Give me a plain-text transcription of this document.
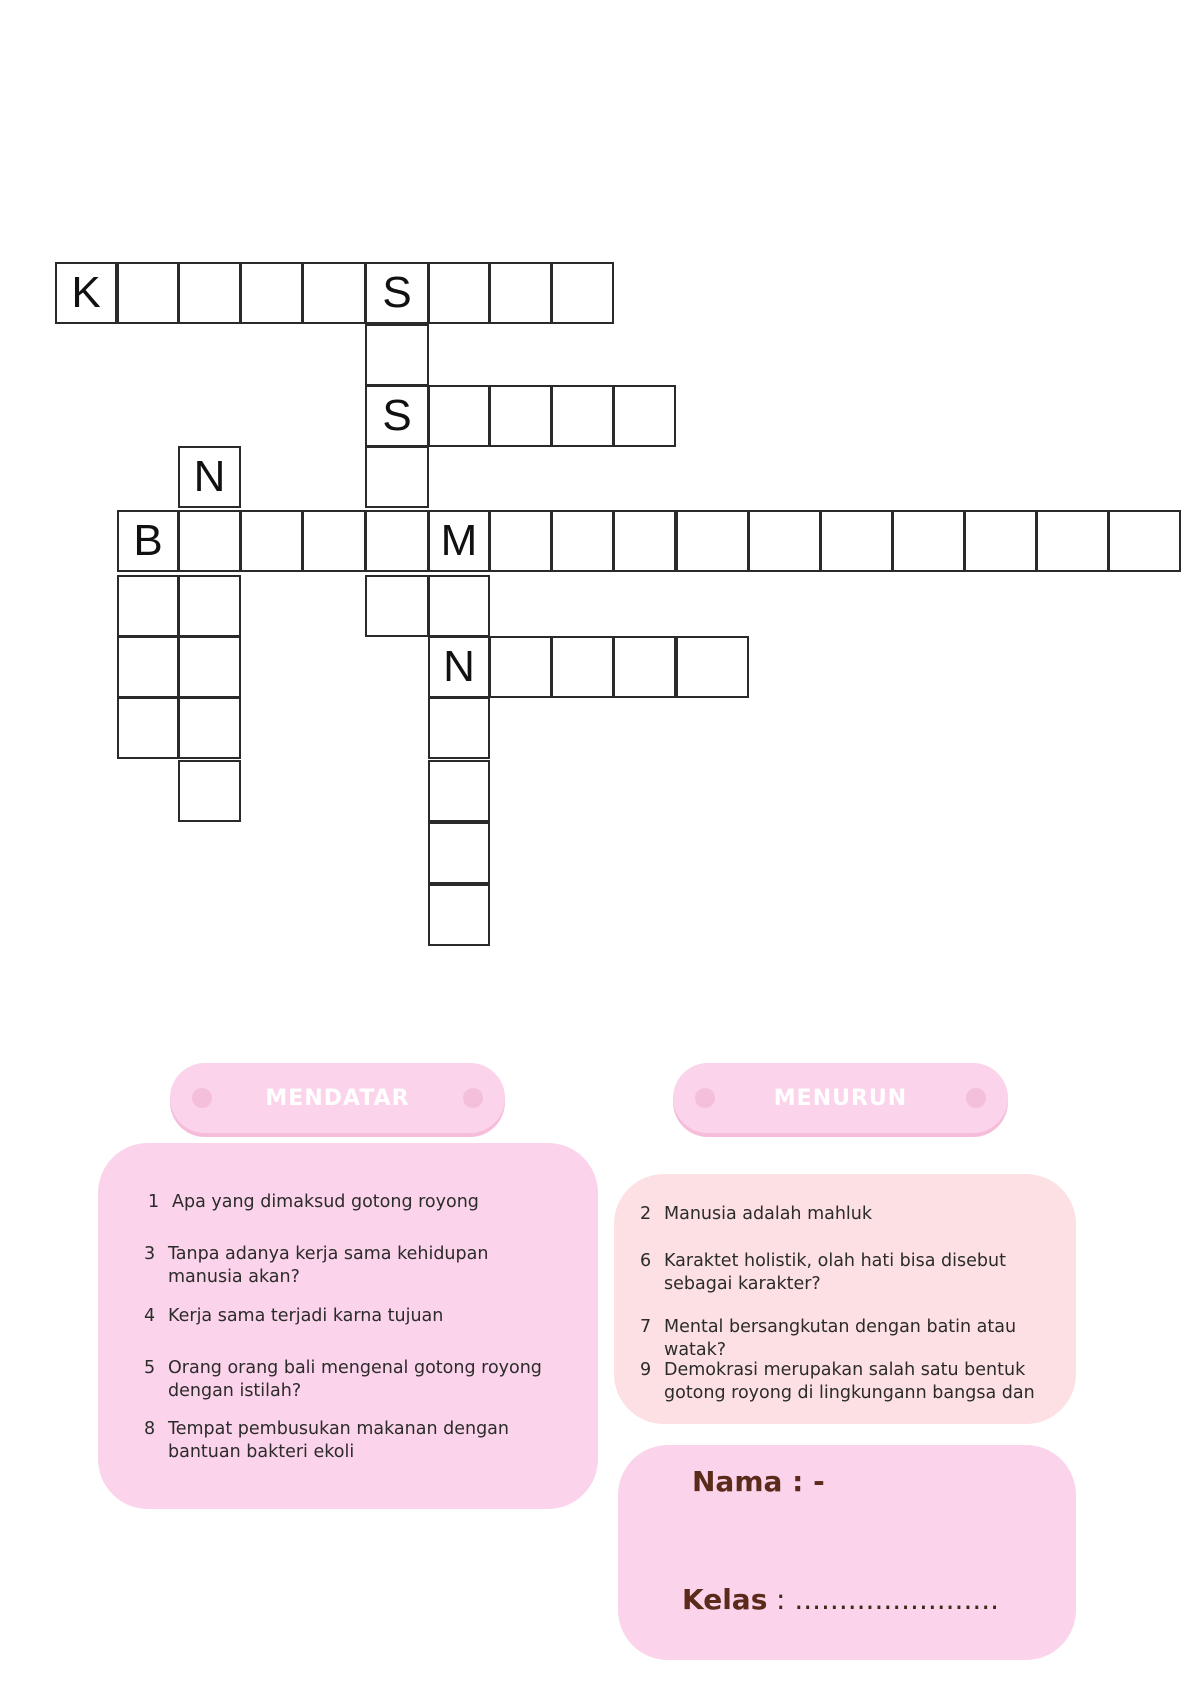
K	S
S
N
B	M
N
MENDATAR	MENURUN
1 Apa yang dimaksud gotong royong
3 Tanpa adanya kerja sama kehidupan manusia akan?
4 Kerja sama terjadi karna tujuan
5 Orang orang bali mengenal gotong royong dengan istilah?
8 Tempat pembusukan makanan dengan bantuan bakteri ekoli
2 Manusia adalah mahluk
6 Karaktet holistik, olah hati bisa disebut sebagai karakter?
7 Mental bersangkutan dengan batin atau watak?
9 Demokrasi merupakan salah satu bentuk gotong royong di lingkungann bangsa dan
Nama : -
Kelas : .......................
